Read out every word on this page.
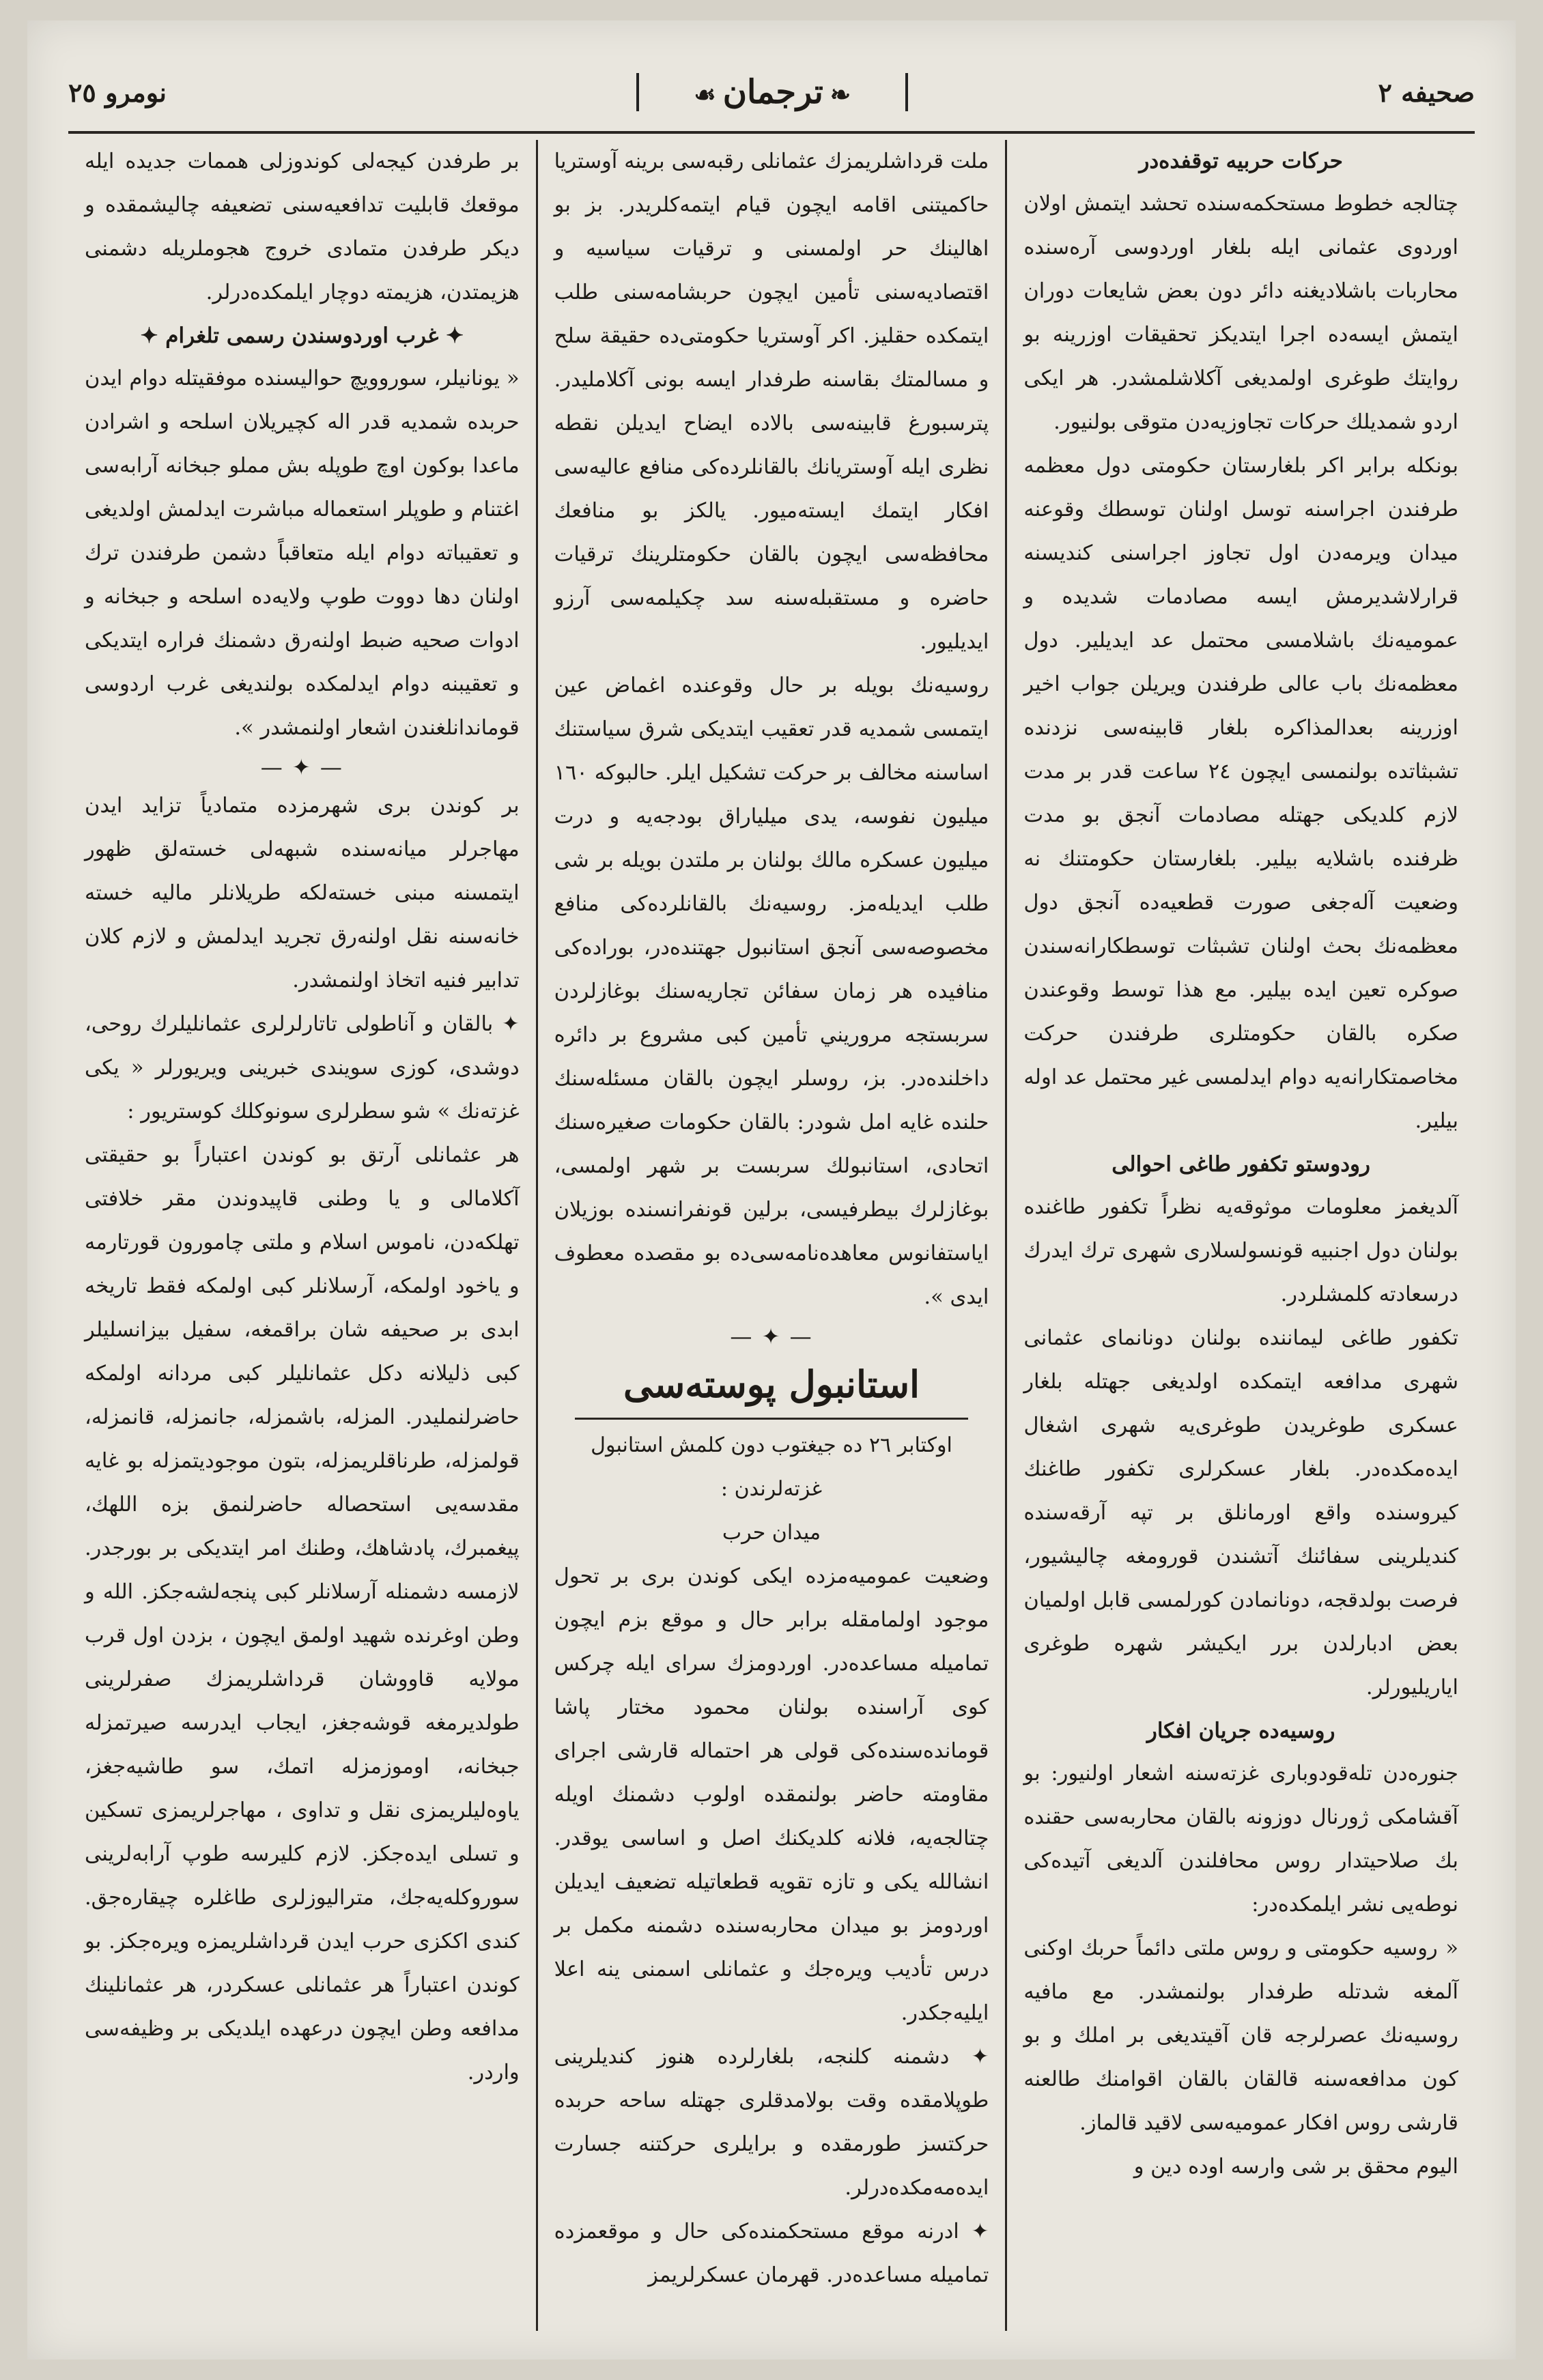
صحيفه ٢
❧ترجمان☙
نومرو ٢٥

حركات حربيه توقفده‌در

چتالجه خطوط مستحكمه‌سنده تحشد ايتمش اولان اوردوی عثمانی ايله بلغار اوردوسی آره‌سنده محاربات باشلاديغنه دائر دون بعض شايعات دوران ايتمش ايسه‌ده اجرا ايتديكز تحقيقات اوزرينه بو روايتك طوغری اولمديغی آكلاشلمشدر. هر ايكی اردو شمديلك حركات تجاوزيه‌دن متوقی بولنيور.

بونكله برابر اكر بلغارستان حكومتی دول معظمه طرفندن اجراسنه توسل اولنان توسطك وقوعنه ميدان ويرمه‌دن اول تجاوز اجراسنی كنديسنه قرارلاشديرمش ايسه مصادمات شديده و عموميه‌نك باشلامسی محتمل عد ايديلير. دول معظمه‌نك باب عالی طرفندن ويريلن جواب اخير اوزرينه بعدالمذاكره بلغار قابينه‌سی نزدنده تشبثاتده بولنمسی ايچون ٢٤ ساعت قدر بر مدت لازم كلديكی جهتله مصادمات آنجق بو مدت ظرفنده باشلايه بيلير. بلغارستان حكومتنك نه وضعيت آله‌جغی صورت قطعيه‌ده آنجق دول معظمه‌نك بحث اولنان تشبثات توسطكارانه‌سندن صوكره تعين ايده بيلير. مع هذا توسط وقوعندن صكره بالقان حكومتلری طرفندن حركت مخاصمتكارانه‌يه دوام ايدلمسی غير محتمل عد اوله بيلير.

رودوستو تكفور طاغی احوالی

آلديغمز معلومات موثوقه‌يه نظراً تكفور طاغنده بولنان دول اجنبيه قونسولسلاری شهری ترك ايدرك درسعادته كلمشلردر.

تكفور طاغی ليماننده بولنان دونانمای عثمانی شهری مدافعه ايتمكده اولديغی جهتله بلغار عسكری طوغريدن طوغری‌يه شهری اشغال ايده‌مكده‌در. بلغار عسكرلری تكفور طاغنك كيروسنده واقع اورمانلق بر تپه آرقه‌سنده كنديلرينی سفائنك آتشندن قورومغه چاليشيور، فرصت بولدقجه، دونانمادن كورلمسی قابل اولميان بعض ادبارلدن برر ايكيشر شهره طوغری اياريليورلر.

روسيه‌ده جريان افكار

جنوره‌دن تله‌قودوباری غزته‌سنه اشعار اولنيور: بو آقشامكی ژورنال دوزونه بالقان محاربه‌سی حقنده بك صلاحيتدار روس محافلندن آلديغی آتيده‌كی نوطه‌يی نشر ايلمكده‌در:

« روسيه حكومتی و روس ملتی دائماً حربك اوكنی آلمغه شدتله طرفدار بولنمشدر. مع مافيه روسيه‌نك عصرلرجه قان آقيتديغی بر املك و بو كون مدافعه‌سنه قالقان بالقان اقوامنك طالعنه قارشی روس افكار عموميه‌سی لاقيد قالماز.

اليوم محقق بر شی وارسه اوده دين و

ملت قرداشلريمزك عثمانلی رقبه‌سی برينه آوستريا حاكميتنی اقامه ايچون قيام ايتمه‌كلريدر. بز بو اهالينك حر اولمسنی و ترقيات سياسيه و اقتصاديه‌سنی تأمين ايچون حربشامه‌سنی طلب ايتمكده حقليز. اكر آوستريا حكومتی‌ده حقيقة سلح و مسالمتك بقاسنه طرفدار ايسه بونی آكلامليدر. پترسبورغ قابينه‌سی بالاده ايضاح ايديلن نقطه نظری ايله آوستريانك بالقانلرده‌كی منافع عاليه‌سی افكار ايتمك ايسته‌ميور. يالكز بو منافعك محافظه‌سی ايچون بالقان حكومتلرينك ترقيات حاضره و مستقبله‌سنه سد چكيلمه‌سی آرزو ايديليور.

روسيه‌نك بويله بر حال وقوعنده اغماض عين ايتمسی شمديه قدر تعقيب ايتديكی شرق سياستنك اساسنه مخالف بر حركت تشكيل ايلر. حالبوكه ١٦٠ ميليون نفوسه، يدی ميلياراق بودجه‌يه و درت ميليون عسكره مالك بولنان بر ملتدن بويله بر شی طلب ايديله‌مز. روسيه‌نك بالقانلرده‌كی منافع مخصوصه‌سی آنجق استانبول جهتنده‌در، بوراده‌كی منافيده هر زمان سفائن تجاريه‌سنك بوغازلردن سربستجه مروريني تأمين كبی مشروع بر دائره داخلنده‌در. بز، روسلر ايچون بالقان مسئله‌سنك حلنده غايه امل شودر: بالقان حكومات صغيره‌سنك اتحادی، استانبولك سربست بر شهر اولمسی، بوغازلرك بيطرفيسی، برلين قونفرانسنده بوزيلان اياستفانوس معاهده‌نامه‌سی‌ده بو مقصده معطوف ايدی ».

— ✦ —

استانبول پوسته‌سی

اوكتابر ٢٦ ده جيغتوب دون كلمش استانبول غزته‌لرندن :

ميدان حرب

وضعيت عموميه‌مزده ايكی كوندن بری بر تحول موجود اولمامقله برابر حال و موقع بزم ايچون تماميله مساعده‌در. اوردومزك سرای ايله چركس كوی آراسنده بولنان محمود مختار پاشا قومانده‌سنده‌كی قولی هر احتماله قارشی اجرای مقاومته حاضر بولنمقده اولوب دشمنك اويله چتالجه‌يه، فلانه كلديكنك اصل و اساسی يوقدر. انشالله يكی و تازه تقويه قطعاتيله تضعيف ايديلن اوردومز بو ميدان محاربه‌سنده دشمنه مكمل بر درس تأديب ويره‌جك و عثمانلی اسمنی ينه اعلا ايليه‌جكدر.

✦ دشمنه كلنجه، بلغارلرده هنوز كنديلرينی طوپلامقده وقت بولامدقلری جهتله ساحه حربده حركتسز طورمقده و برايلری حركتنه جسارت ايده‌مه‌مكده‌درلر.

✦ ادرنه موقع مستحكمنده‌كی حال و موقعمزده تماميله مساعده‌در. قهرمان عسكرلريمز

بر طرفدن كيجه‌لی كوندوزلی هممات جديده ايله موقعك قابليت تدافعيه‌سنی تضعيفه چاليشمقده و ديكر طرفدن متمادی خروج هجوملريله دشمنی هزيمتدن، هزيمته دوچار ايلمكده‌درلر.

✦ غرب اوردوسندن رسمی تلغرام ✦

« يونانيلر، سوروويچ حواليسنده موفقيتله دوام ايدن حربده شمديه قدر اله كچيريلان اسلحه و اشرادن ماعدا بوكون اوچ طوپله بش مملو جبخانه آرابه‌سی اغتنام و طوپلر استعماله مباشرت ايدلمش اولديغی و تعقيباته دوام ايله متعاقباً دشمن طرفندن ترك اولنان دها دووت طوپ ولايه‌ده اسلحه و جبخانه و ادوات صحيه ضبط اولنه‌رق دشمنك فراره ايتديكی و تعقيبنه دوام ايدلمكده بولنديغی غرب اردوسی قوماندانلغندن اشعار اولنمشدر ».

— ✦ —

بر كوندن بری شهرمزده متمادياً تزايد ايدن مهاجرلر ميانه‌سنده شبهه‌لی خسته‌لق ظهور ايتمسنه مبنی خسته‌لكه طريلانلر ماليه خسته خانه‌سنه نقل اولنه‌رق تجريد ايدلمش و لازم كلان تدابير فنيه اتخاذ اولنمشدر.

✦ بالقان و آناطولی تاتارلرلری عثمانليلرك روحی، دوشدی، كوزی سويندی خبرينی ويريورلر « يكی غزته‌نك » شو سطرلری سونوكلك كوستريور :

هر عثمانلی آرتق بو كوندن اعتباراً بو حقيقتی آكلامالی و يا وطنی قاپيدوندن مقر خلافتی تهلكه‌دن، ناموس اسلام و ملتی چامورون قورتارمه و ياخود اولمكه، آرسلانلر كبی اولمكه فقط تاريخه ابدی بر صحيفه شان براقمغه، سفيل بيزانسليلر كبی ذليلانه دكل عثمانليلر كبی مردانه اولمكه حاضرلنمليدر. المزله، باشمزله، جانمزله، قانمزله، قولمزله، طرناقلريمزله، بتون موجوديتمزله بو غايه مقدسه‌يی استحصاله حاضرلنمق بزه اللهك، پيغمبرك، پادشاهك، وطنك امر ايتديكی بر بورجدر. لازمسه دشمنله آرسلانلر كبی پنجه‌لشه‌جكز. الله و وطن اوغرنده شهيد اولمق ايچون ، بزدن اول قرب مولايه قاووشان قرداشلريمزك صفرلرينی طولديرمغه قوشه‌جغز، ايجاب ايدرسه صيرتمزله جبخانه، اوموزمزله اتمك، سو طاشيه‌جغز، ياوه‌ليلريمزی نقل و تداوی ، مهاجرلريمزی تسكين و تسلی ايده‌جكز. لازم كليرسه طوپ آرابه‌لرينی سوروكله‌يه‌جك، متراليوزلری طاغلره چيقاره‌جق. كندی اككزی حرب ايدن قرداشلريمزه ويره‌جكز. بو كوندن اعتباراً هر عثمانلی عسكردر، هر عثمانلينك مدافعه وطن ايچون درعهده ايلديكی بر وظيفه‌سی واردر.
